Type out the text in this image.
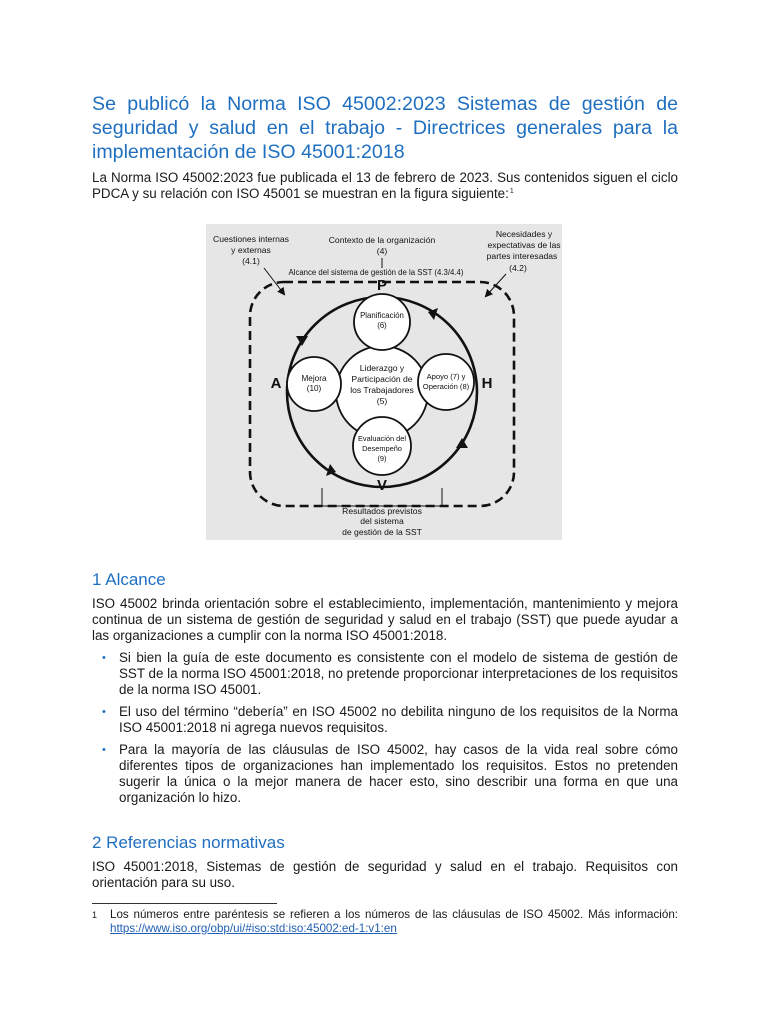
Se publicó la Norma ISO 45002:2023 Sistemas de gestión de seguridad y salud en el trabajo - Directrices generales para la implementación de ISO 45001:2018

La Norma ISO 45002:2023 fue publicada el 13 de febrero de 2023. Sus contenidos siguen el ciclo PDCA y su relación con ISO 45001 se muestran en la figura siguiente:$^1$

Cuestiones internas
y externas
(4.1)
Contexto de la organización
(4)
Necesidades y
expectativas de las
partes interesadas
(4.2)
Alcance del sistema de gestión de la SST (4.3/4.4)
P
H
V
A
Liderazgo y
Participación de
los Trabajadores
(5)
Planificación
(6)
Mejora
(10)
Apoyo (7) y
Operación (8)
Evaluación del
Desempeño
(9)
Resultados previstos
del sistema
de gestión de la SST
1 Alcance

ISO 45002 brinda orientación sobre el establecimiento, implementación, mantenimiento y mejora continua de un sistema de gestión de seguridad y salud en el trabajo (SST) que puede ayudar a las organizaciones a cumplir con la norma ISO 45001:2018.

• Si bien la guía de este documento es consistente con el modelo de sistema de gestión de SST de la norma ISO 45001:2018, no pretende proporcionar interpretaciones de los requisitos de la norma ISO 45001.
• El uso del término “debería” en ISO 45002 no debilita ninguno de los requisitos de la Norma ISO 45001:2018 ni agrega nuevos requisitos.
• Para la mayoría de las cláusulas de ISO 45002, hay casos de la vida real sobre cómo diferentes tipos de organizaciones han implementado los requisitos. Estos no pretenden sugerir la única o la mejor manera de hacer esto, sino describir una forma en que una organización lo hizo.
2 Referencias normativas

ISO 45001:2018, Sistemas de gestión de seguridad y salud en el trabajo. Requisitos con orientación para su uso.

1 Los números entre paréntesis se refieren a los números de las cláusulas de ISO 45002. Más información: https://www.iso.org/obp/ui/#iso:std:iso:45002:ed-1:v1:en
